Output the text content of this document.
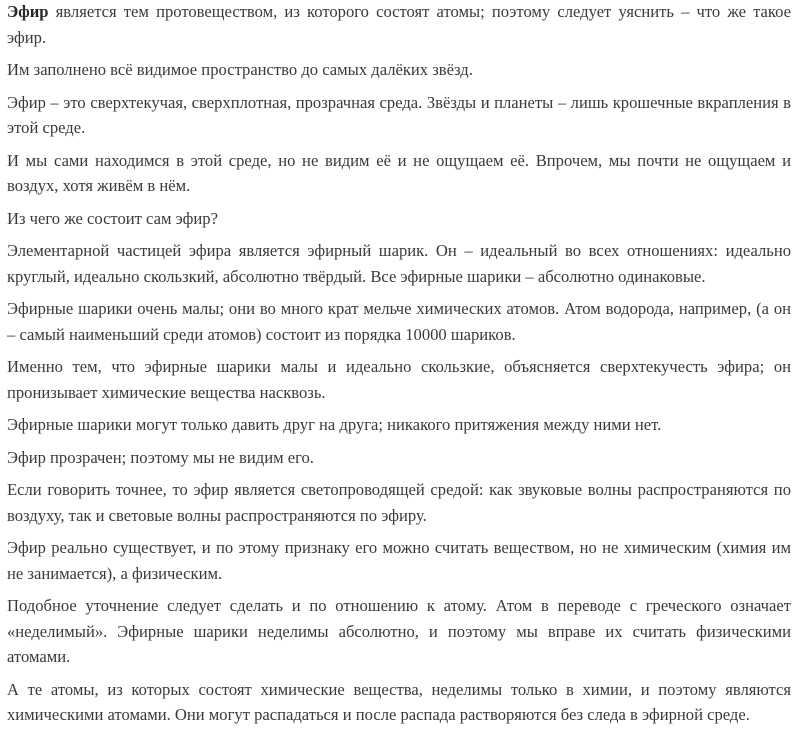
Эфир является тем протовеществом, из которого состоят атомы; поэтому следует уяснить – что же такое эфир.

Им заполнено всё видимое пространство до самых далёких звёзд.

Эфир – это сверхтекучая, сверхплотная, прозрачная среда. Звёзды и планеты – лишь крошечные вкрапления в этой среде.

И мы сами находимся в этой среде, но не видим её и не ощущаем её. Впрочем, мы почти не ощущаем и воздух, хотя живём в нём.

Из чего же состоит сам эфир?

Элементарной частицей эфира является эфирный шарик. Он – идеальный во всех отношениях: идеально круглый, идеально скользкий, абсолютно твёрдый. Все эфирные шарики – абсолютно одинаковые.

Эфирные шарики очень малы; они во много крат мельче химических атомов. Атом водорода, например, (а он – самый наименьший среди атомов) состоит из порядка 10000 шариков.

Именно тем, что эфирные шарики малы и идеально скользкие, объясняется сверхтекучесть эфира; он пронизывает химические вещества насквозь.

Эфирные шарики могут только давить друг на друга; никакого притяжения между ними нет.

Эфир прозрачен; поэтому мы не видим его.

Если говорить точнее, то эфир является светопроводящей средой: как звуковые волны распространяются по воздуху, так и световые волны распространяются по эфиру.

Эфир реально существует, и по этому признаку его можно считать веществом, но не химическим (химия им не занимается), а физическим.

Подобное уточнение следует сделать и по отношению к атому. Атом в переводе с греческого означает «неделимый». Эфирные шарики неделимы абсолютно, и поэтому мы вправе их считать физическими атомами.

А те атомы, из которых состоят химические вещества, неделимы только в химии, и поэтому являются химическими атомами. Они могут распадаться и после распада растворяются без следа в эфирной среде.
